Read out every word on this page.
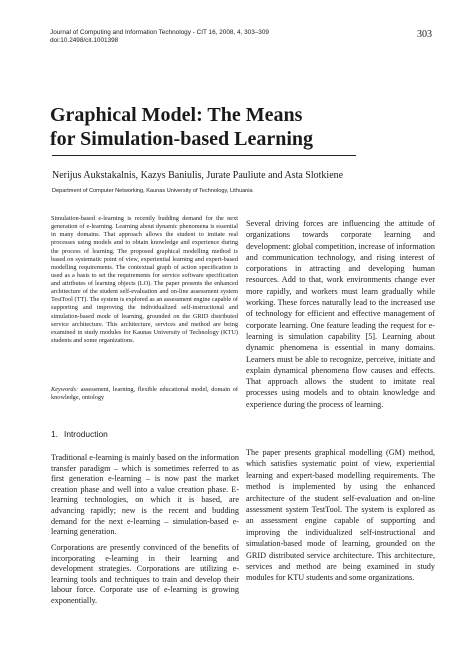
Journal of Computing and Information Technology - CIT 16, 2008, 4, 303–309
doi:10.2498/cit.1001398
303
Graphical Model: The Means
for Simulation-based Learning
Nerijus Aukstakalnis, Kazys Baniulis, Jurate Pauliute and Asta Slotkiene
Department of Computer Networking, Kaunas University of Technology, Lithuania

Simulation-based e-learning is recently budding demand for the next generation of e-learning. Learning about dynamic phenomena is essential in many domains. That approach allows the student to imitate real processes using models and to obtain knowledge and experience during the process of learning. The proposed graphical modelling method is based on systematic point of view, experiential learning and expert-based modelling requirements. The contextual graph of action specification is used as a basis to set the requirements for service software specification and attributes of learning objects (LO). The paper presents the enhanced architecture of the student self-evaluation and on-line assessment system TestTool (TT). The system is explored as an assessment engine capable of supporting and improving the individualized self-instructional and simulation-based mode of learning, grounded on the GRID distributed service architecture. This architecture, services and method are being examined in study modules for Kaunas University of Technology (KTU) students and some organizations.

Keywords: assessment, learning, flexible educational model, domain of knowledge, ontology

1. Introduction

Traditional e-learning is mainly based on the information transfer paradigm – which is sometimes referred to as first generation e-learning – is now past the market creation phase and well into a value creation phase. E-learning technologies, on which it is based, are advancing rapidly; new is the recent and budding demand for the next e-learning – simulation-based e-learning generation.

Corporations are presently convinced of the benefits of incorporating e-learning in their learning and development strategies. Corporations are utilizing e-learning tools and techniques to train and develop their labour force. Corporate use of e-learning is growing exponentially.

Several driving forces are influencing the attitude of organizations towards corporate learning and development: global competition, increase of information and communication technology, and rising interest of corporations in attracting and developing human resources. Add to that, work environments change ever more rapidly, and workers must learn gradually while working. These forces naturally lead to the increased use of technology for efficient and effective management of corporate learning. One feature leading the request for e-learning is simulation capability [5]. Learning about dynamic phenomena is essential in many domains. Learners must be able to recognize, perceive, initiate and explain dynamical phenomena flow causes and effects. That approach allows the student to imitate real processes using models and to obtain knowledge and experience during the process of learning.

The paper presents graphical modelling (GM) method, which satisfies systematic point of view, experiential learning and expert-based modelling requirements. The method is implemented by using the enhanced architecture of the student self-evaluation and on-line assessment system TestTool. The system is explored as an assessment engine capable of supporting and improving the individualized self-instructional and simulation-based mode of learning, grounded on the GRID distributed service architecture. This architecture, services and method are being examined in study modules for KTU students and some organizations.
